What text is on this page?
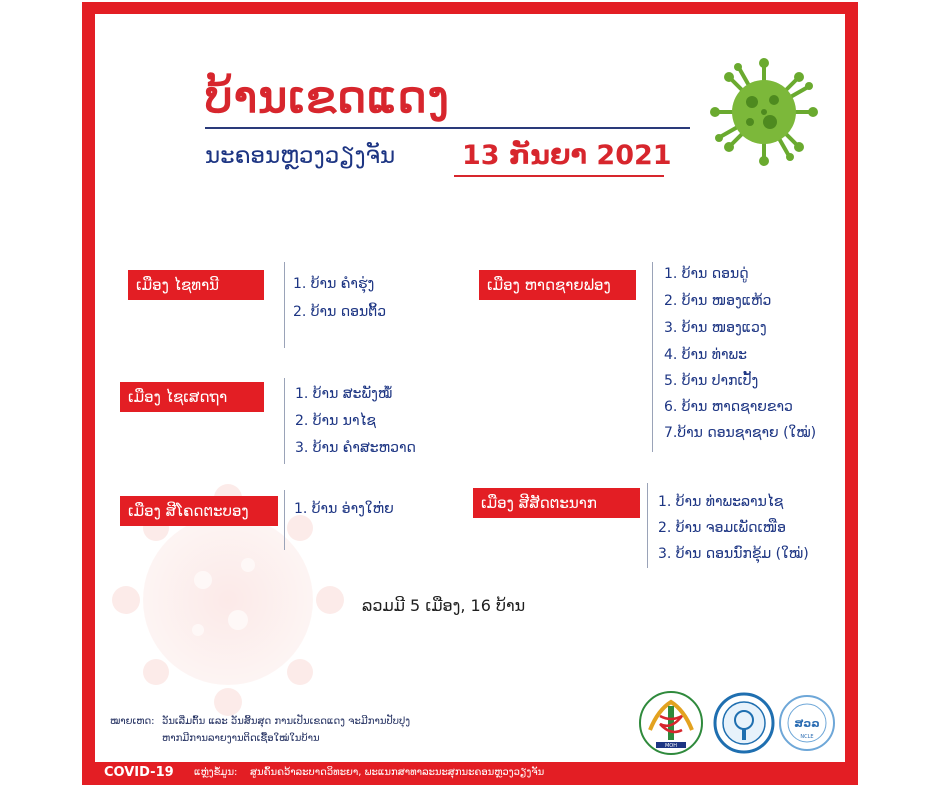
ບ້ານເຂດແດງ
ນະຄອນຫຼວງວຽງຈັນ 13 ກັນຍາ 2021
ເມືອງ ໄຊທານີ	1. ບ້ານ ຄໍາຮຸ່ງ
2. ບ້ານ ດອນຕິ້ວ
ເມືອງ ໄຊເສດຖາ	1. ບ້ານ ສະພັງໝໍ້
2. ບ້ານ ນາໄຊ
3. ບ້ານ ຄໍາສະຫວາດ
ເມືອງ ສີໂຄດຕະບອງ	1. ບ້ານ ອ່າງໃຫ່ຍ
ເມືອງ ຫາດຊາຍຟອງ
1. ບ້ານ ດອນດູ່
2. ບ້ານ ໜອງແຫ້ວ
3. ບ້ານ ໜອງແວງ
4. ບ້ານ ທ່າພະ
5. ບ້ານ ປາກເປັ້ງ
6. ບ້ານ ຫາດຊາຍຂາວ
7.ບ້ານ ດອນຊາຊາຍ (ໃໝ່)
ເມືອງ ສີສັດຕະນາກ	1. ບ້ານ ທ່າພະລານໄຊ
2. ບ້ານ ຈອມເພັດເໜືອ
3. ບ້ານ ດອນນົກຂຸ້ມ (ໃໝ່)
ລວມມີ 5 ເມືອງ, 16 ບ້ານ
ໝາຍເຫດ: ວັນເລີ່ມຕົ້ນ ແລະ ວັນສິ້ນສຸດ ການເປັນເຂດແດງ ຈະມີການປັບປຸງ
ຫາກມີການລາຍງານຕິດເຊື້ອໃໝ່ໃນບ້ານ
MOH
ສວລ
NCLE
COVID-19 ແຫຼ່ງຂໍ້ມູນ: ສູນຄົ້ນຄວ້າລະບາດວິທະຍາ, ພະແນກສາທາລະນະສຸກນະຄອນຫຼວງວຽງຈັນ
